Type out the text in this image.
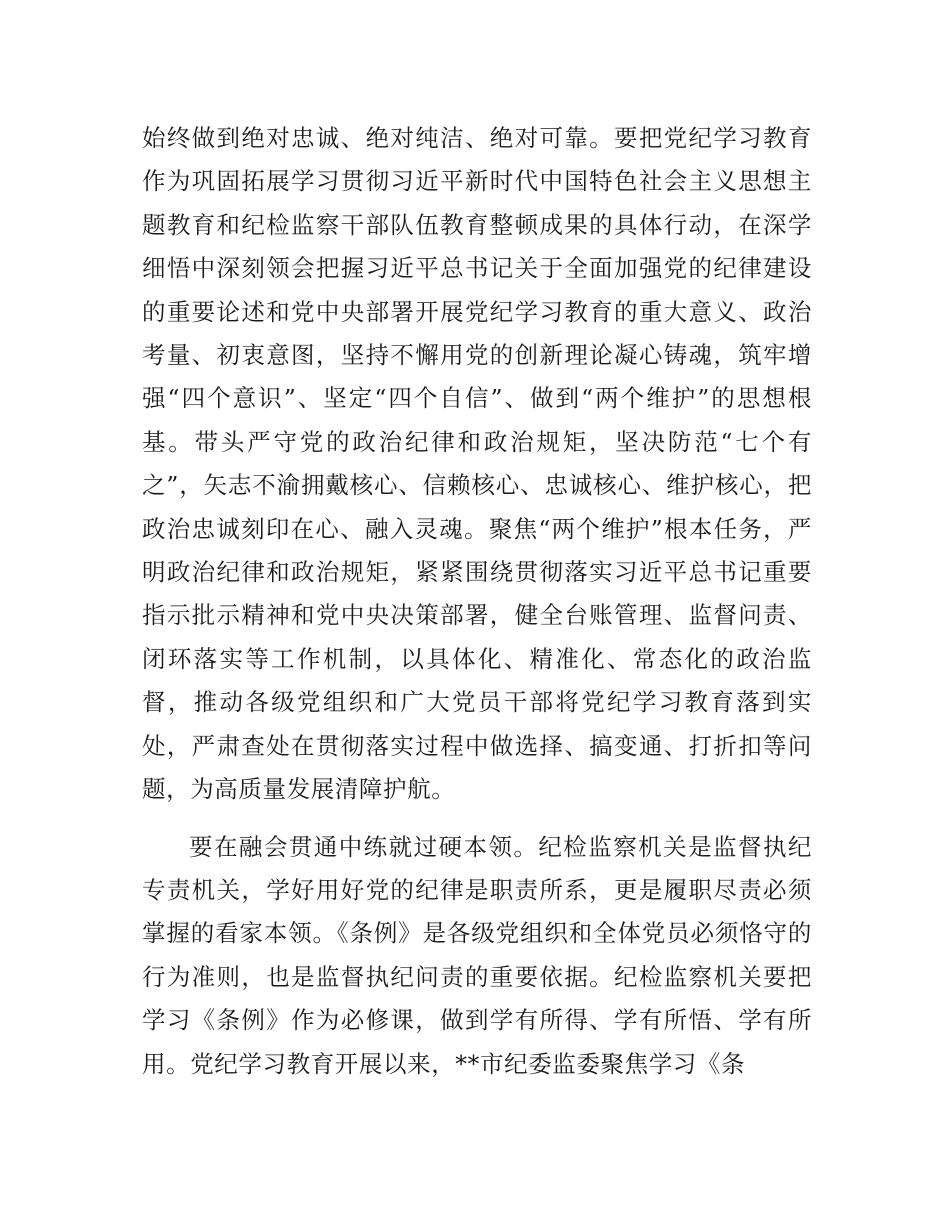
始终做到绝对忠诚、绝对纯洁、绝对可靠。要把党纪学习教育作为巩固拓展学习贯彻习近平新时代中国特色社会主义思想主题教育和纪检监察干部队伍教育整顿成果的具体行动，在深学细悟中深刻领会把握习近平总书记关于全面加强党的纪律建设的重要论述和党中央部署开展党纪学习教育的重大意义、政治考量、初衷意图，坚持不懈用党的创新理论凝心铸魂，筑牢增强“四个意识”、坚定“四个自信”、做到“两个维护”的思想根基。带头严守党的政治纪律和政治规矩，坚决防范“七个有之”，矢志不渝拥戴核心、信赖核心、忠诚核心、维护核心，把政治忠诚刻印在心、融入灵魂。聚焦“两个维护”根本任务，严明政治纪律和政治规矩，紧紧围绕贯彻落实习近平总书记重要指示批示精神和党中央决策部署，健全台账管理、监督问责、闭环落实等工作机制，以具体化、精准化、常态化的政治监督，推动各级党组织和广大党员干部将党纪学习教育落到实处，严肃查处在贯彻落实过程中做选择、搞变通、打折扣等问题，为高质量发展清障护航。

要在融会贯通中练就过硬本领。纪检监察机关是监督执纪专责机关，学好用好党的纪律是职责所系，更是履职尽责必须掌握的看家本领。《条例》是各级党组织和全体党员必须恪守的行为准则，也是监督执纪问责的重要依据。纪检监察机关要把学习《条例》作为必修课，做到学有所得、学有所悟、学有所用。党纪学习教育开展以来，**市纪委监委聚焦学习《条
